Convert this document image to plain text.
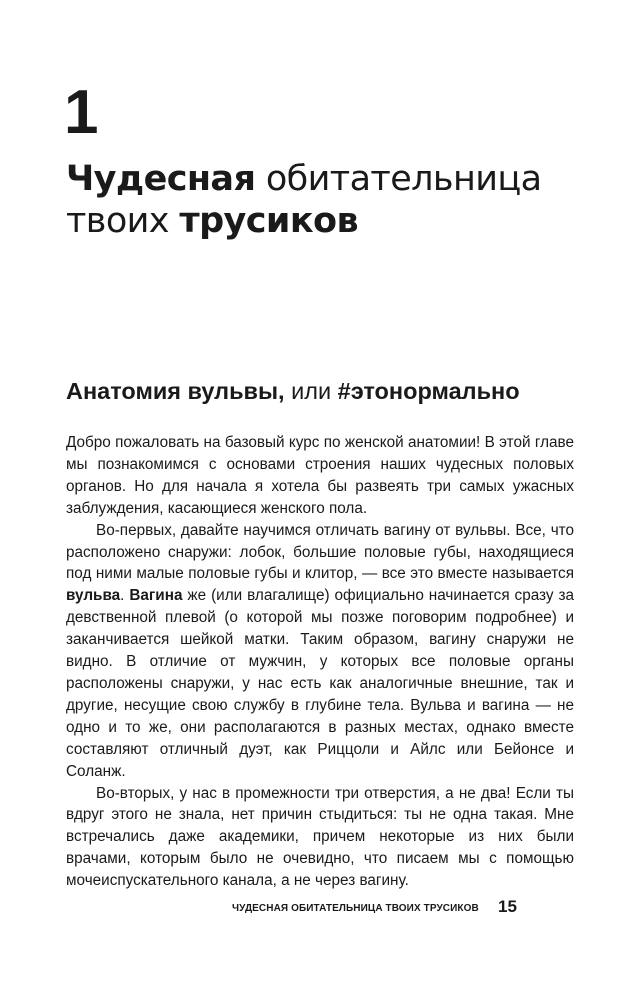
1
Чудесная обитательница
твоих трусиков
Анатомия вульвы, или #этонормально

Добро пожаловать на базовый курс по женской анатомии! В этой главе мы познакомимся с основами строения наших чудесных половых органов. Но для начала я хотела бы развеять три самых ужасных заблуждения, касающиеся женского пола.

Во-первых, давайте научимся отличать вагину от вульвы. Все, что расположено снаружи: лобок, большие половые губы, находящиеся под ними малые половые губы и клитор, — все это вместе называется вульва. Вагина же (или влагалище) официально начинается сразу за девственной плевой (о которой мы позже поговорим подробнее) и заканчивается шейкой матки. Таким образом, вагину снаружи не видно. В отличие от мужчин, у которых все половые органы расположены снаружи, у нас есть как аналогичные внешние, так и другие, несущие свою службу в глубине тела. Вульва и вагина — не одно и то же, они располагаются в разных местах, однако вместе составляют отличный дуэт, как Риццоли и Айлс или Бейонсе и Соланж.

Во-вторых, у нас в промежности три отверстия, а не два! Если ты вдруг этого не знала, нет причин стыдиться: ты не одна такая. Мне встречались даже академики, причем некоторые из них были врачами, которым было не очевидно, что писаем мы с помощью мочеиспускательного канала, а не через вагину.

ЧУДЕСНАЯ ОБИТАТЕЛЬНИЦА ТВОИХ ТРУСИКОВ 15
